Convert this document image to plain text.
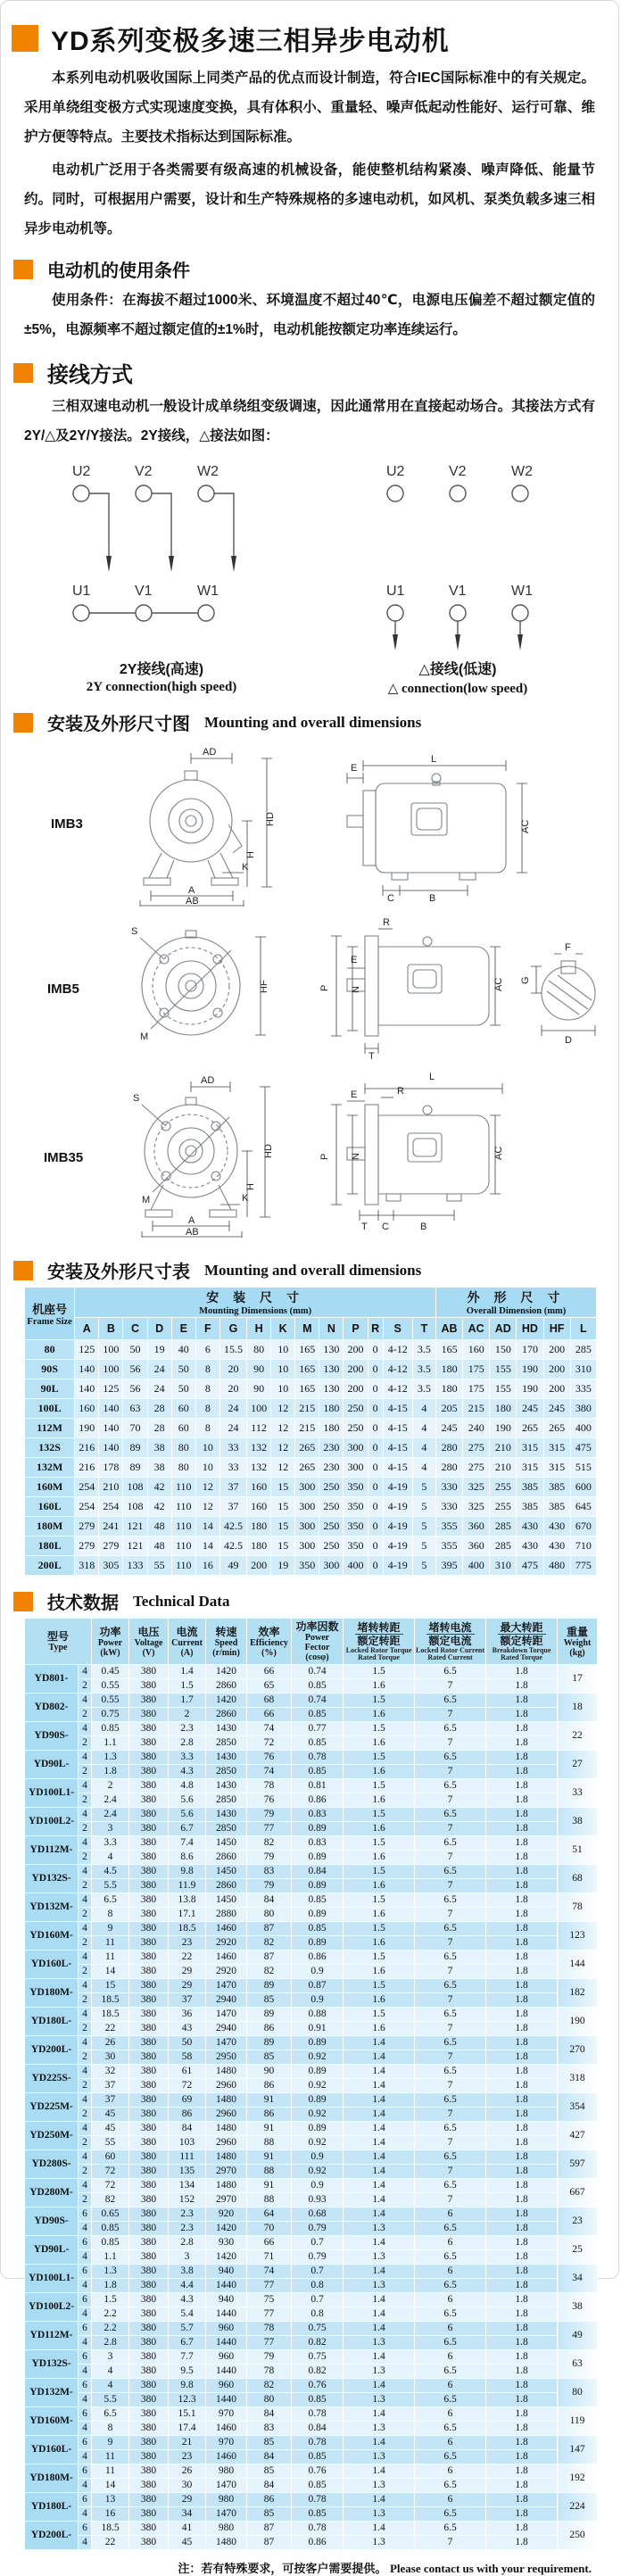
YD系列变极多速三相异步电动机

本系列电动机吸收国际上同类产品的优点而设计制造，符合IEC国际标准中的有关规定。采用单绕组变极方式实现速度变换，具有体积小、重量轻、噪声低起动性能好、运行可靠、维护方便等特点。主要技术指标达到国际标准。

电动机广泛用于各类需要有级高速的机械设备，能使整机结构紧凑、噪声降低、能量节约。同时，可根据用户需要，设计和生产特殊规格的多速电动机，如风机、泵类负载多速三相异步电动机等。

电动机的使用条件

使用条件：在海拔不超过1000米、环境温度不超过40℃，电源电压偏差不超过额定值的±5%，电源频率不超过额定值的±1%时，电动机能按额定功率连续运行。

接线方式

三相双速电动机一般设计成单绕组变级调速，因此通常用在直接起动场合。其接法方式有2Y/△及2Y/Y接法。2Y接线，△接法如图：

U2	V2	W2
U1	V1	W1
2Y接线(高速)
2Y connection(high speed)
U2	V2	W2
U1	V1	W1
△接线(低速)
△ connection(low speed)
安装及外形尺寸图 Mounting and overall dimensions
IMB3
AD
HD
H
K
A
AB
L
E
AC
C	B
IMB5
S
M
HF
E
R
P N
T
AC
F
G
D
IMB35
S
M
AD
HD
H
K
A
AB
L
E	R
P N	AC
T C	B
安装及外形尺寸表 Mounting and overall dimensions
机座号
Frame Size

安 装 尺 寸
Mounting Dimensions (mm)

外 形 尺 寸
Overall Dimension (mm)

	A	B	C	D	E	F	G	H	K	M	N	P	R	S	T	AB	AC	AD	HD	HF	L
80	125	100	50	19	40	6	15.5	80	10	165	130	200	0	4-12	3.5	165	160	150	170	200	285
90S	140	100	56	24	50	8	20	90	10	165	130	200	0	4-12	3.5	180	175	155	190	200	310
90L	140	125	56	24	50	8	20	90	10	165	130	200	0	4-12	3.5	180	175	155	190	200	335
100L	160	140	63	28	60	8	24	100	12	215	180	250	0	4-15	4	205	215	180	245	245	380
112M	190	140	70	28	60	8	24	112	12	215	180	250	0	4-15	4	245	240	190	265	265	400
132S	216	140	89	38	80	10	33	132	12	265	230	300	0	4-15	4	280	275	210	315	315	475
132M	216	178	89	38	80	10	33	132	12	265	230	300	0	4-15	4	280	275	210	315	315	515
160M	254	210	108	42	110	12	37	160	15	300	250	350	0	4-19	5	330	325	255	385	385	600
160L	254	254	108	42	110	12	37	160	15	300	250	350	0	4-19	5	330	325	255	385	385	645
180M	279	241	121	48	110	14	42.5	180	15	300	250	350	0	4-19	5	355	360	285	430	430	670
180L	279	279	121	48	110	14	42.5	180	15	300	250	350	0	4-19	5	355	360	285	430	430	710
200L	318	305	133	55	110	16	49	200	19	350	300	400	0	4-19	5	395	400	310	475	480	775
技术数据 Technical Data
型号
Type

功率
Power
(kW)

电压
Voltage
(V)

电流
Current
(A)

转速
Speed
(r/min)

效率
Efficiency
(%)

功率因数
Power Fector
(cosφ)

堵转转距
额定转距
Locked Rotor Torque Rated Torque

堵转电流
额定电流
Locked Rotor Current Rated Current

最大转距
额定转距
Breakdown Torque Rated Torque

重量
Weight
(kg)

YD801-	4	0.45	380	1.4	1420	66	0.74	1.5	6.5	1.8	17
	2	0.55	380	1.5	2860	65	0.85	1.6	7	1.8	
YD802-	4	0.55	380	1.7	1420	68	0.74	1.5	6.5	1.8	18
	2	0.75	380	2	2860	66	0.85	1.6	7	1.8	
YD90S-	4	0.85	380	2.3	1430	74	0.77	1.5	6.5	1.8	22
	2	1.1	380	2.8	2850	72	0.85	1.6	7	1.8	
YD90L-	4	1.3	380	3.3	1430	76	0.78	1.5	6.5	1.8	27
	2	1.8	380	4.3	2850	74	0.85	1.6	7	1.8	
YD100L1-	4	2	380	4.8	1430	78	0.81	1.5	6.5	1.8	33
	2	2.4	380	5.6	2850	76	0.86	1.6	7	1.8	
YD100L2-	4	2.4	380	5.6	1430	79	0.83	1.5	6.5	1.8	38
	2	3	380	6.7	2850	77	0.89	1.6	7	1.8	
YD112M-	4	3.3	380	7.4	1450	82	0.83	1.5	6.5	1.8	51
	2	4	380	8.6	2860	79	0.89	1.6	7	1.8	
YD132S-	4	4.5	380	9.8	1450	83	0.84	1.5	6.5	1.8	68
	2	5.5	380	11.9	2860	79	0.89	1.6	7	1.8	
YD132M-	4	6.5	380	13.8	1450	84	0.85	1.5	6.5	1.8	78
	2	8	380	17.1	2880	80	0.89	1.6	7	1.8	
YD160M-	4	9	380	18.5	1460	87	0.85	1.5	6.5	1.8	123
	2	11	380	23	2920	82	0.89	1.6	7	1.8	
YD160L-	4	11	380	22	1460	87	0.86	1.5	6.5	1.8	144
	2	14	380	29	2920	82	0.9	1.6	7	1.8	
YD180M-	4	15	380	29	1470	89	0.87	1.5	6.5	1.8	182
	2	18.5	380	37	2940	85	0.9	1.6	7	1.8	
YD180L-	4	18.5	380	36	1470	89	0.88	1.5	6.5	1.8	190
	2	22	380	43	2940	86	0.91	1.6	7	1.8	
YD200L-	4	26	380	50	1470	89	0.89	1.4	6.5	1.8	270
	2	30	380	58	2950	85	0.92	1.4	7	1.8	
YD225S-	4	32	380	61	1480	90	0.89	1.4	6.5	1.8	318
	2	37	380	72	2960	86	0.92	1.4	7	1.8	
YD225M-	4	37	380	69	1480	91	0.89	1.4	6.5	1.8	354
	2	45	380	86	2960	86	0.92	1.4	7	1.8	
YD250M-	4	45	380	84	1480	91	0.89	1.4	6.5	1.8	427
	2	55	380	103	2960	88	0.92	1.4	7	1.8	
YD280S-	4	60	380	111	1480	91	0.9	1.4	6.5	1.8	597
	2	72	380	135	2970	88	0.92	1.4	7	1.8	
YD280M-	4	72	380	134	1480	91	0.9	1.4	6.5	1.8	667
	2	82	380	152	2970	88	0.93	1.4	7	1.8	
YD90S-	6	0.65	380	2.3	920	64	0.68	1.4	6	1.8	23
	4	0.85	380	2.3	1420	70	0.79	1.3	6.5	1.8	
YD90L-	6	0.85	380	2.8	930	66	0.7	1.4	6	1.8	25
	4	1.1	380	3	1420	71	0.79	1.3	6.5	1.8	
YD100L1-	6	1.3	380	3.8	940	74	0.7	1.4	6	1.8	34
	4	1.8	380	4.4	1440	77	0.8	1.3	6.5	1.8	
YD100L2-	6	1.5	380	4.3	940	75	0.7	1.4	6	1.8	38
	4	2.2	380	5.4	1440	77	0.8	1.4	6.5	1.8	
YD112M-	6	2.2	380	5.7	960	78	0.75	1.4	6	1.8	49
	4	2.8	380	6.7	1440	77	0.82	1.3	6.5	1.8	
YD132S-	6	3	380	7.7	960	79	0.75	1.4	6	1.8	63
	4	4	380	9.5	1440	78	0.82	1.3	6.5	1.8	
YD132M-	6	4	380	9.8	960	82	0.76	1.4	6	1.8	80
	4	5.5	380	12.3	1440	80	0.85	1.3	6.5	1.8	
YD160M-	6	6.5	380	15.1	970	84	0.78	1.4	6	1.8	119
	4	8	380	17.4	1460	83	0.84	1.3	6.5	1.8	
YD160L-	6	9	380	21	970	85	0.78	1.4	6	1.8	147
	4	11	380	23	1460	84	0.85	1.3	6.5	1.8	
YD180M-	6	11	380	26	980	85	0.76	1.4	6	1.8	192
	4	14	380	30	1470	84	0.85	1.3	6.5	1.8	
YD180L-	6	13	380	29	980	86	0.78	1.4	6	1.8	224
	4	16	380	34	1470	85	0.85	1.3	6.5	1.8	
YD200L-	6	18.5	380	41	980	87	0.78	1.4	6.5	1.8	250
	4	22	380	45	1480	87	0.86	1.3	7	1.8	
注：若有特殊要求，可按客户需要提供。 Please contact us with your requirement.
